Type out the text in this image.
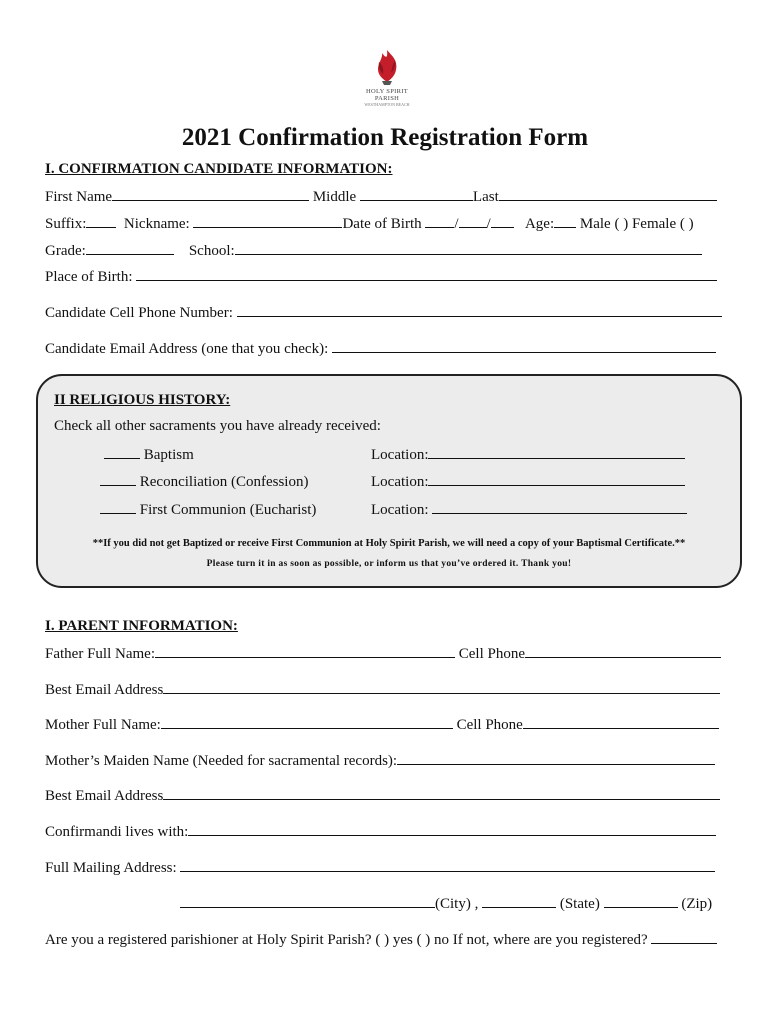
HOLY SPIRIT
PARISH
WESTHAMPTON BEACH
2021 Confirmation Registration Form
I. CONFIRMATION CANDIDATE INFORMATION:
First Name	Middle	Last
Suffix:	Nickname:	Date of Birth / / Age: Male ( ) Female ( )
Grade:	School:
Place of Birth:
Candidate Cell Phone Number:
Candidate Email Address (one that you check):
II RELIGIOUS HISTORY:
Check all other sacraments you have already received:
Baptism	Location:
Reconciliation (Confession)	Location:
First Communion (Eucharist)	Location:
**If you did not get Baptized or receive First Communion at Holy Spirit Parish, we will need a copy of your Baptismal Certificate.**
Please turn it in as soon as possible, or inform us that you’ve ordered it. Thank you!
I. PARENT INFORMATION:
Father Full Name:	Cell Phone
Best Email Address
Mother Full Name:	Cell Phone
Mother’s Maiden Name (Needed for sacramental records):
Best Email Address
Confirmandi lives with:
Full Mailing Address:
(City) ,	(State)	(Zip)
Are you a registered parishioner at Holy Spirit Parish? ( ) yes ( ) no If not, where are you registered?
